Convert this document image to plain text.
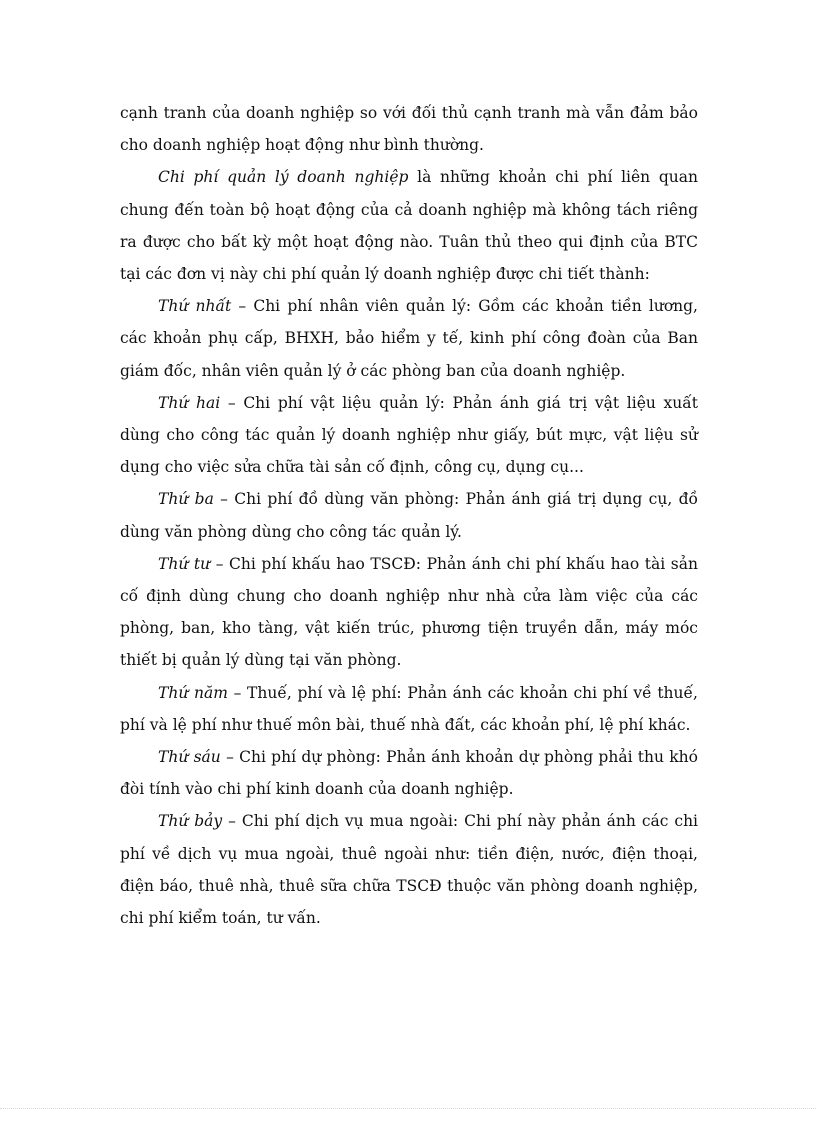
cạnh tranh của doanh nghiệp so với đối thủ cạnh tranh mà vẫn đảm bảo cho doanh nghiệp hoạt động như bình thường.

Chi phí quản lý doanh nghiệp là những khoản chi phí liên quan chung đến toàn bộ hoạt động của cả doanh nghiệp mà không tách riêng ra được cho bất kỳ một hoạt động nào. Tuân thủ theo qui định của BTC tại các đơn vị này chi phí quản lý doanh nghiệp được chi tiết thành:

Thứ nhất – Chi phí nhân viên quản lý: Gồm các khoản tiền lương, các khoản phụ cấp, BHXH, bảo hiểm y tế, kinh phí công đoàn của Ban giám đốc, nhân viên quản lý ở các phòng ban của doanh nghiệp.

Thứ hai – Chi phí vật liệu quản lý: Phản ánh giá trị vật liệu xuất dùng cho công tác quản lý doanh nghiệp như giấy, bút mực, vật liệu sử dụng cho việc sửa chữa tài sản cố định, công cụ, dụng cụ...

Thứ ba – Chi phí đồ dùng văn phòng: Phản ánh giá trị dụng cụ, đồ dùng văn phòng dùng cho công tác quản lý.

Thứ tư – Chi phí khấu hao TSCĐ: Phản ánh chi phí khấu hao tài sản cố định dùng chung cho doanh nghiệp như nhà cửa làm việc của các phòng, ban, kho tàng, vật kiến trúc, phương tiện truyền dẫn, máy móc thiết bị quản lý dùng tại văn phòng.

Thứ năm – Thuế, phí và lệ phí: Phản ánh các khoản chi phí về thuế, phí và lệ phí như thuế môn bài, thuế nhà đất, các khoản phí, lệ phí khác.

Thứ sáu – Chi phí dự phòng: Phản ánh khoản dự phòng phải thu khó đòi tính vào chi phí kinh doanh của doanh nghiệp.

Thứ bảy – Chi phí dịch vụ mua ngoài: Chi phí này phản ánh các chi phí về dịch vụ mua ngoài, thuê ngoài như: tiền điện, nước, điện thoại, điện báo, thuê nhà, thuê sữa chữa TSCĐ thuộc văn phòng doanh nghiệp, chi phí kiểm toán, tư vấn.
